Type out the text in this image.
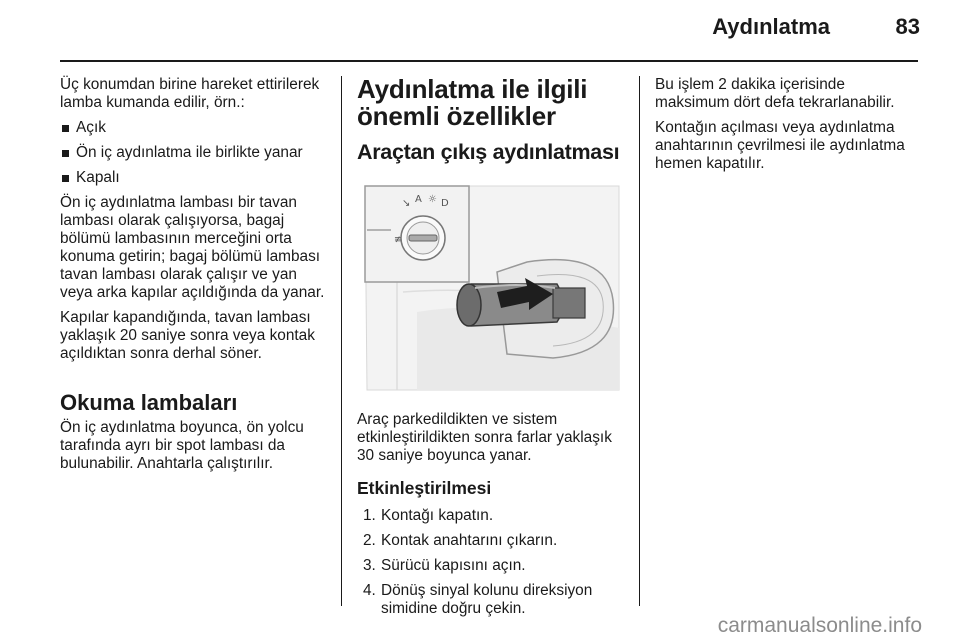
Aydınlatma	83

Üç konumdan birine hareket ettirilerek lamba kumanda edilir, örn.:

Açık
Ön iç aydınlatma ile birlikte yanar
Kapalı

Ön iç aydınlatma lambası bir tavan lambası olarak çalışıyorsa, bagaj bölümü lambasının merceğini orta konuma getirin; bagaj bölümü lambası tavan lambası olarak çalışır ve yan veya arka kapılar açıldığında da yanar.

Kapılar kapandığında, tavan lambası yaklaşık 20 saniye sonra veya kontak açıldıktan sonra derhal söner.

Okuma lambaları

Ön iç aydınlatma boyunca, ön yolcu tarafında ayrı bir spot lambası da bulunabilir. Anahtarla çalıştırılır.

Aydınlatma ile ilgili önemli özellikler
Araçtan çıkış aydınlatması
↘ A ☼ D
≢

Araç parkedildikten ve sistem etkinleştirildikten sonra farlar yaklaşık 30 saniye boyunca yanar.

Etkinleştirilmesi
1. Kontağı kapatın.
2. Kontak anahtarını çıkarın.
3. Sürücü kapısını açın.
4. Dönüş sinyal kolunu direksiyon simidine doğru çekin.

Bu işlem 2 dakika içerisinde maksimum dört defa tekrarlanabilir.

Kontağın açılması veya aydınlatma anahtarının çevrilmesi ile aydınlatma hemen kapatılır.

carmanualsonline.info
